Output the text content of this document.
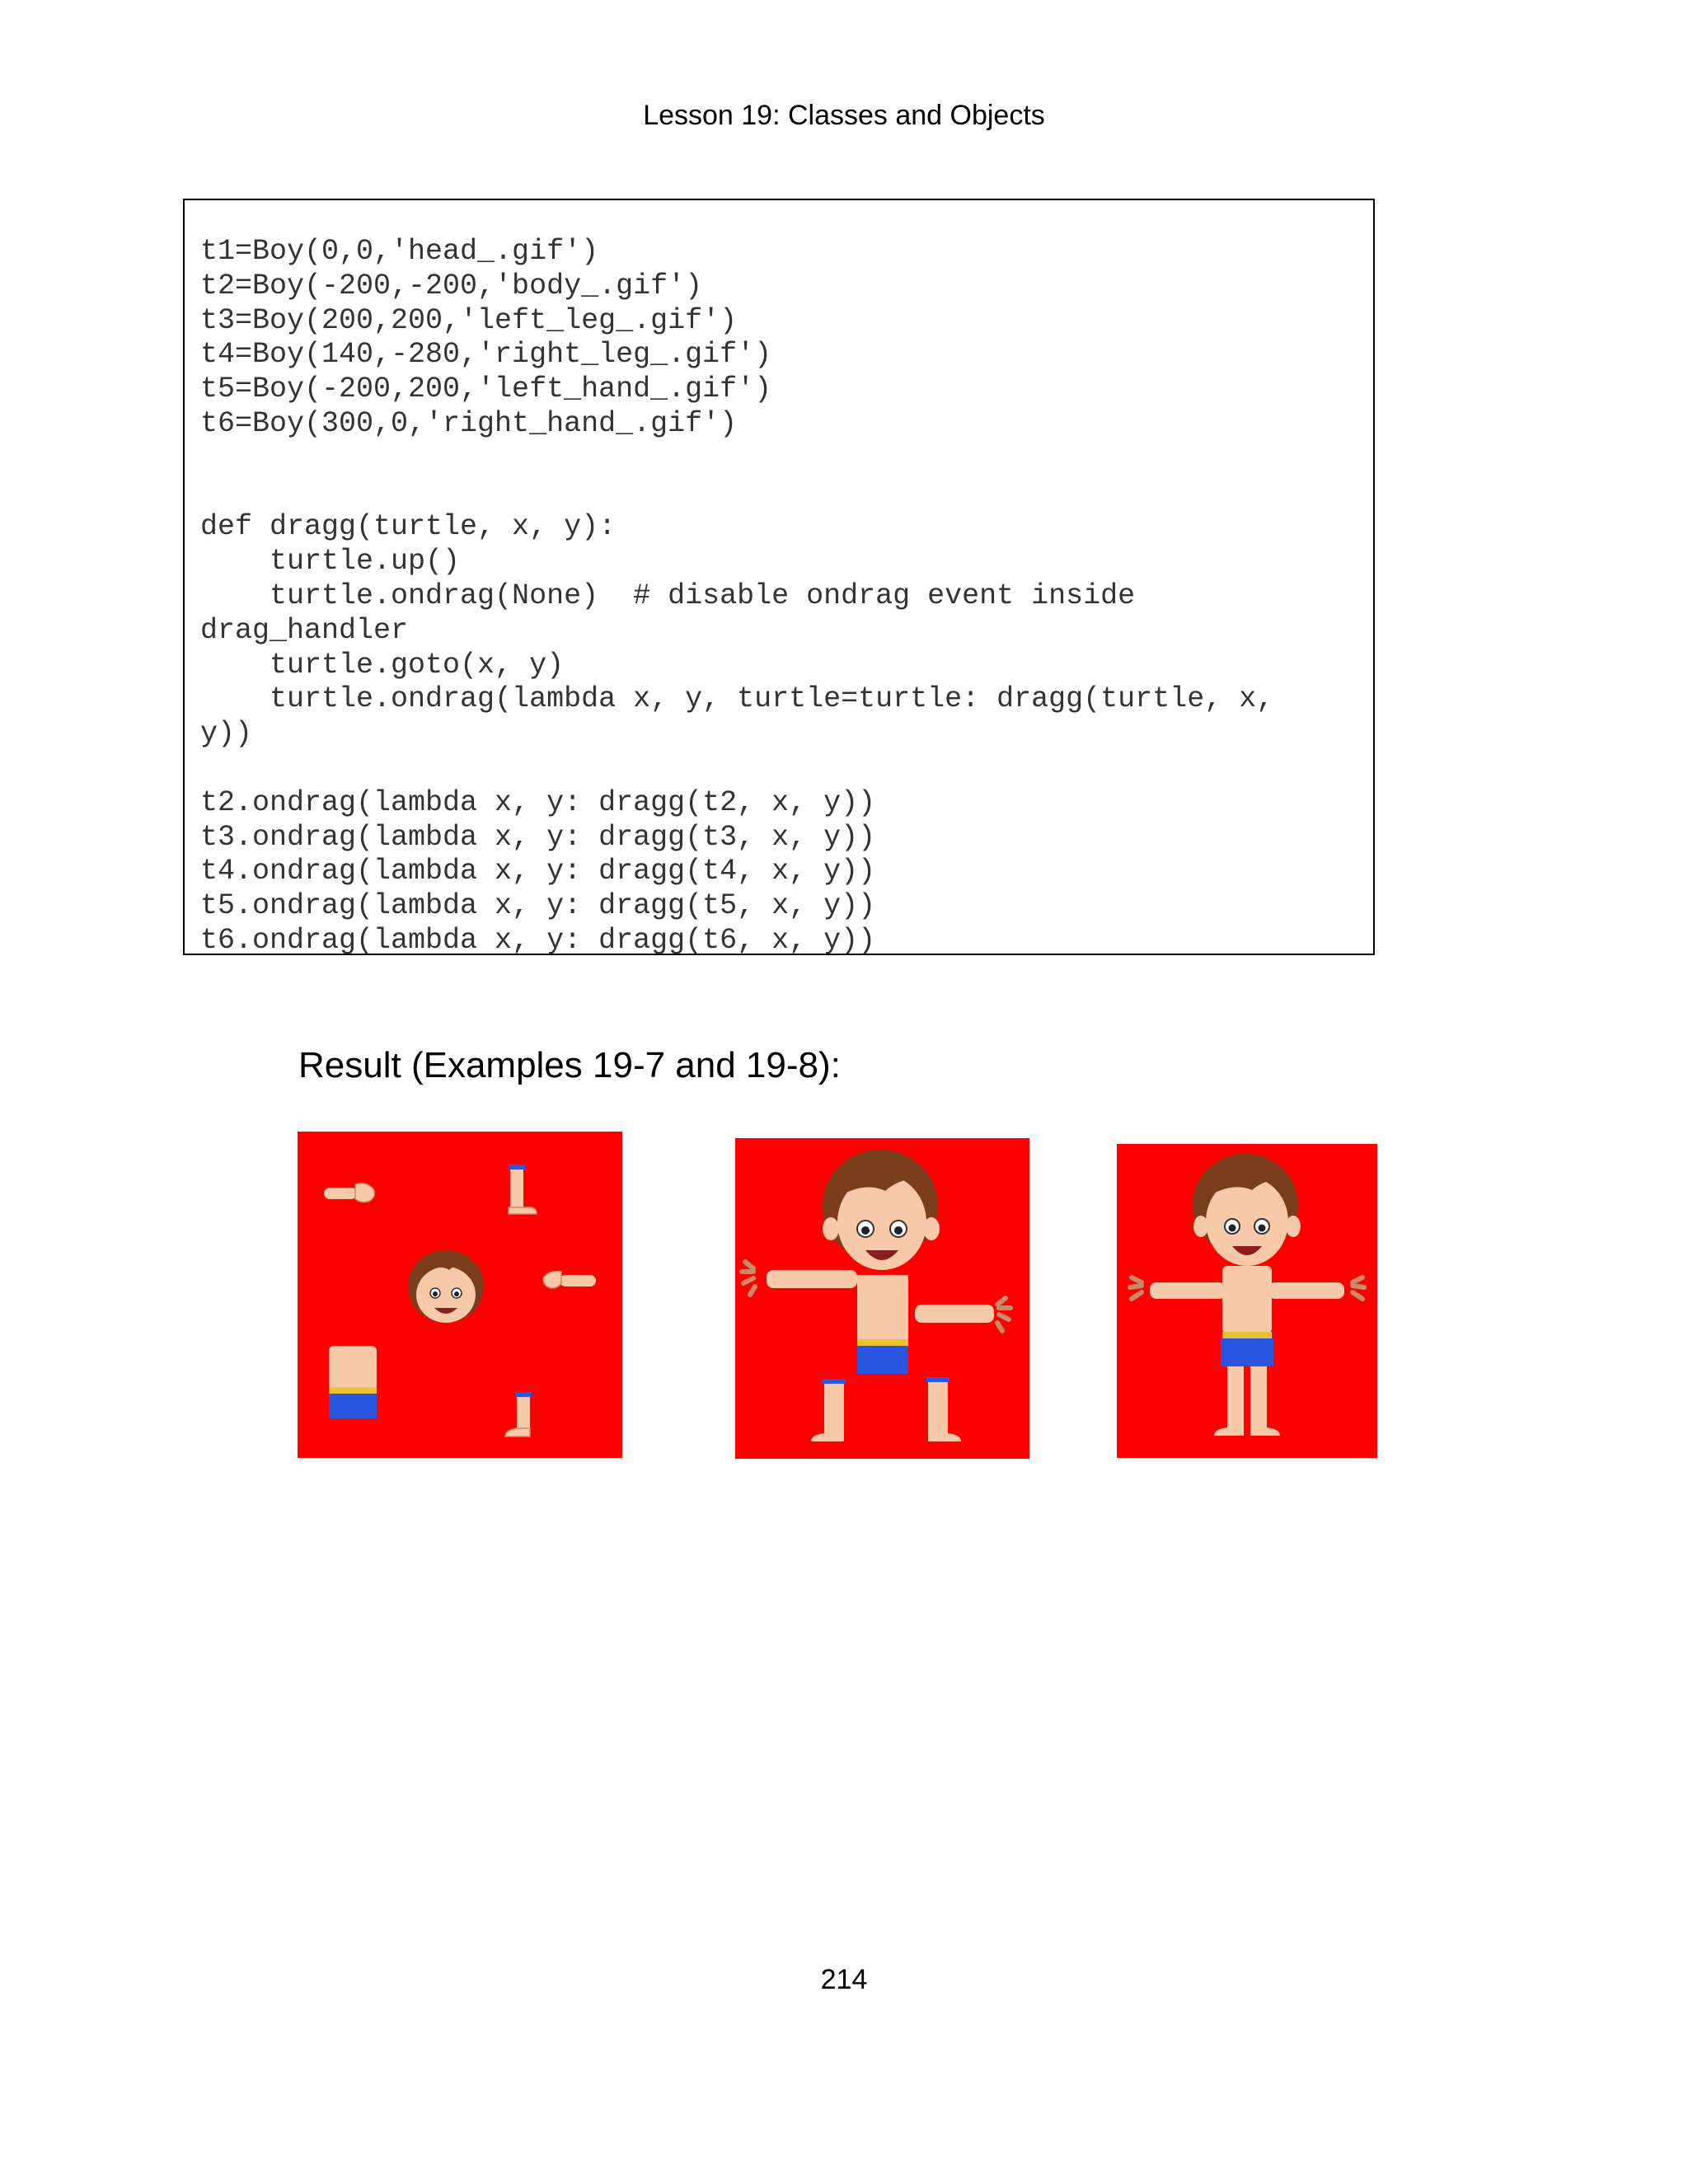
Lesson 19: Classes and Objects
t1=Boy(0,0,'head_.gif')
t2=Boy(-200,-200,'body_.gif')
t3=Boy(200,200,'left_leg_.gif')
t4=Boy(140,-280,'right_leg_.gif')
t5=Boy(-200,200,'left_hand_.gif')
t6=Boy(300,0,'right_hand_.gif')

def dragg(turtle, x, y):
turtle.up()
turtle.ondrag(None)  # disable ondrag event inside
drag_handler
turtle.goto(x, y)
turtle.ondrag(lambda x, y, turtle=turtle: dragg(turtle, x,
y))

t2.ondrag(lambda x, y: dragg(t2, x, y))
t3.ondrag(lambda x, y: dragg(t3, x, y))
t4.ondrag(lambda x, y: dragg(t4, x, y))
t5.ondrag(lambda x, y: dragg(t5, x, y))
t6.ondrag(lambda x, y: dragg(t6, x, y))
Result (Examples 19-7 and 19-8):
214
